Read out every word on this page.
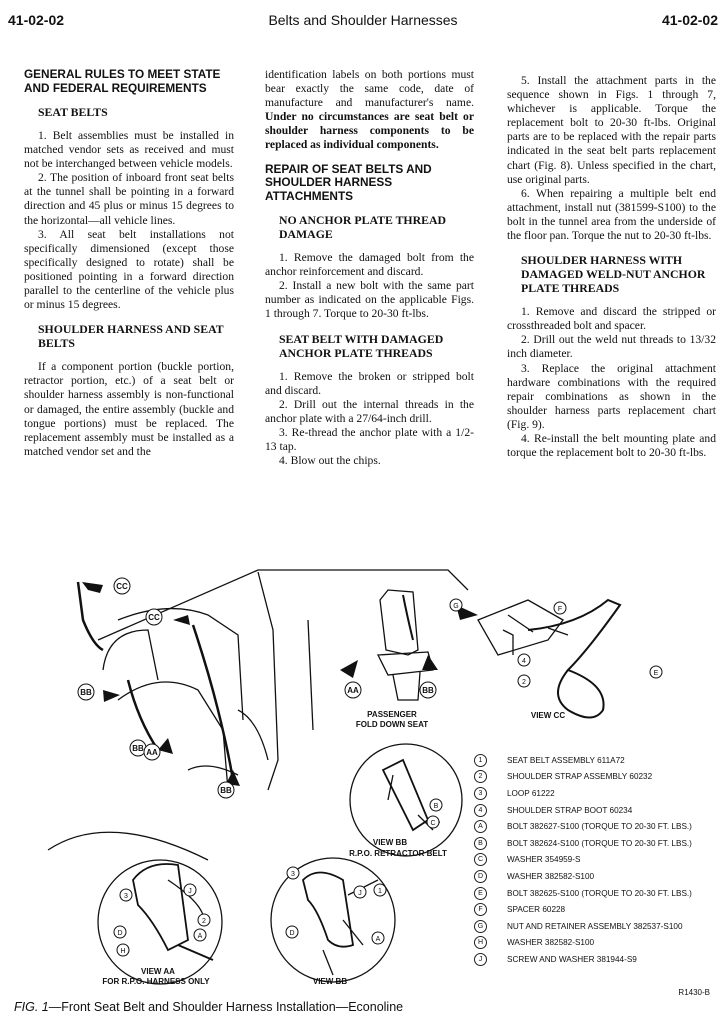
41-02-02	Belts and Shoulder Harnesses	41-02-02
GENERAL RULES TO MEET STATE AND FEDERAL REQUIREMENTS
SEAT BELTS

1. Belt assemblies must be installed in matched vendor sets as received and must not be interchanged between vehicle models.

2. The position of inboard front seat belts at the tunnel shall be pointing in a forward direction and 45 plus or minus 15 degrees to the horizontal—all vehicle lines.

3. All seat belt installations not specifically dimensioned (except those specifically designed to rotate) shall be positioned pointing in a forward direction parallel to the centerline of the vehicle plus or minus 15 degrees.

SHOULDER HARNESS AND SEAT BELTS

If a component portion (buckle portion, retractor portion, etc.) of a seat belt or shoulder harness assembly is non-functional or damaged, the entire assembly (buckle and tongue portions) must be replaced. The replacement assembly must be installed as a matched vendor set and the

identification labels on both portions must bear exactly the same code, date of manufacture and manufacturer's name. Under no circumstances are seat belt or shoulder harness components to be replaced as individual components.

REPAIR OF SEAT BELTS AND SHOULDER HARNESS ATTACHMENTS
NO ANCHOR PLATE THREAD DAMAGE

1. Remove the damaged bolt from the anchor reinforcement and discard.

2. Install a new bolt with the same part number as indicated on the applicable Figs. 1 through 7. Torque to 20-30 ft-lbs.

SEAT BELT WITH DAMAGED ANCHOR PLATE THREADS

1. Remove the broken or stripped bolt and discard.

2. Drill out the internal threads in the anchor plate with a 27/64-inch drill.

3. Re-thread the anchor plate with a 1/2-13 tap.

4. Blow out the chips.

5. Install the attachment parts in the sequence shown in Figs. 1 through 7, whichever is applicable. Torque the replacement bolt to 20-30 ft-lbs. Original parts are to be replaced with the repair parts indicated in the seat belt parts replacement chart (Fig. 8). Unless specified in the chart, use original parts.

6. When repairing a multiple belt end attachment, install nut (381599-S100) to the bolt in the tunnel area from the underside of the floor pan. Torque the nut to 20-30 ft-lbs.

SHOULDER HARNESS WITH DAMAGED WELD-NUT ANCHOR PLATE THREADS

1. Remove and discard the stripped or crossthreaded bolt and spacer.

2. Drill out the weld nut threads to 13/32 inch diameter.

3. Replace the original attachment hardware combinations with the required repair combinations as shown in the shoulder harness parts replacement chart (Fig. 9).

4. Re-install the belt mounting plate and torque the replacement bolt to 20-30 ft-lbs.

CC
CC
BB
BB AA
BB
AA	BB
G	F
4
2
E
B
C
3
J
2
A
D
H
3
J 1
A
D
PASSENGER
FOLD DOWN SEAT
VIEW CC
VIEW BB
R.P.O. RETRACTOR BELT
VIEW AA
FOR R.P.O. HARNESS ONLY	VIEW BB
1	SEAT BELT ASSEMBLY 611A72
2	SHOULDER STRAP ASSEMBLY 60232
3	LOOP 61222
4	SHOULDER STRAP BOOT 60234
A	BOLT 382627-S100 (TORQUE TO 20-30 FT. LBS.)
B	BOLT 382624-S100 (TORQUE TO 20-30 FT. LBS.)
C	WASHER 354959-S
D	WASHER 382582-S100
E	BOLT 382625-S100 (TORQUE TO 20-30 FT. LBS.)
F	SPACER 60228
G	NUT AND RETAINER ASSEMBLY 382537-S100
H	WASHER 382582-S100
J	SCREW AND WASHER 381944-S9
R1430-B
FIG. 1—Front Seat Belt and Shoulder Harness Installation—Econoline
